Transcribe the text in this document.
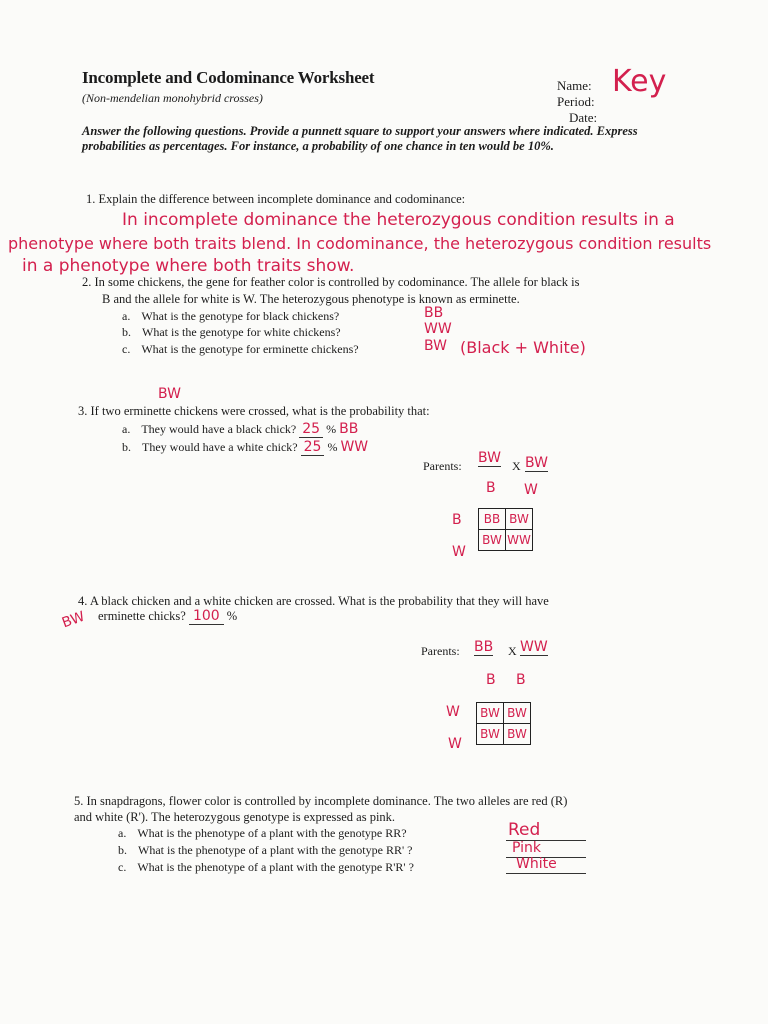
Incomplete and Codominance Worksheet
(Non-mendelian monohybrid crosses)
Name: Key
Period:
Date:
Answer the following questions. Provide a punnett square to support your answers where indicated. Express probabilities as percentages. For instance, a probability of one chance in ten would be 10%.
1. Explain the difference between incomplete dominance and codominance:
In incomplete dominance the heterozygous condition results in a
phenotype where both traits blend. In codominance, the heterozygous condition results
in a phenotype where both traits show.
2. In some chickens, the gene for feather color is controlled by codominance. The allele for black is
B and the allele for white is W. The heterozygous phenotype is known as erminette.
a. What is the genotype for black chickens?	BB
b. What is the genotype for white chickens?	WW
c. What is the genotype for erminette chickens?	BW (Black + White)
BW
3. If two erminette chickens were crossed, what is the probability that:
a. They would have a black chick? 25 % BB
b. They would have a white chick? 25 % WW
Parents: BW X BW
B W
B
W
BB	BW
BW	WW
4. A black chicken and a white chicken are crossed. What is the probability that they will have
BW erminette chicks? 100 %
Parents: BB X WW
B B
W
W
BW	BW
BW	BW
5. In snapdragons, flower color is controlled by incomplete dominance. The two alleles are red (R)
and white (R'). The heterozygous genotype is expressed as pink.
a. What is the phenotype of a plant with the genotype RR?	Red
b. What is the phenotype of a plant with the genotype RR' ?	Pink
c. What is the phenotype of a plant with the genotype R'R' ?	White
